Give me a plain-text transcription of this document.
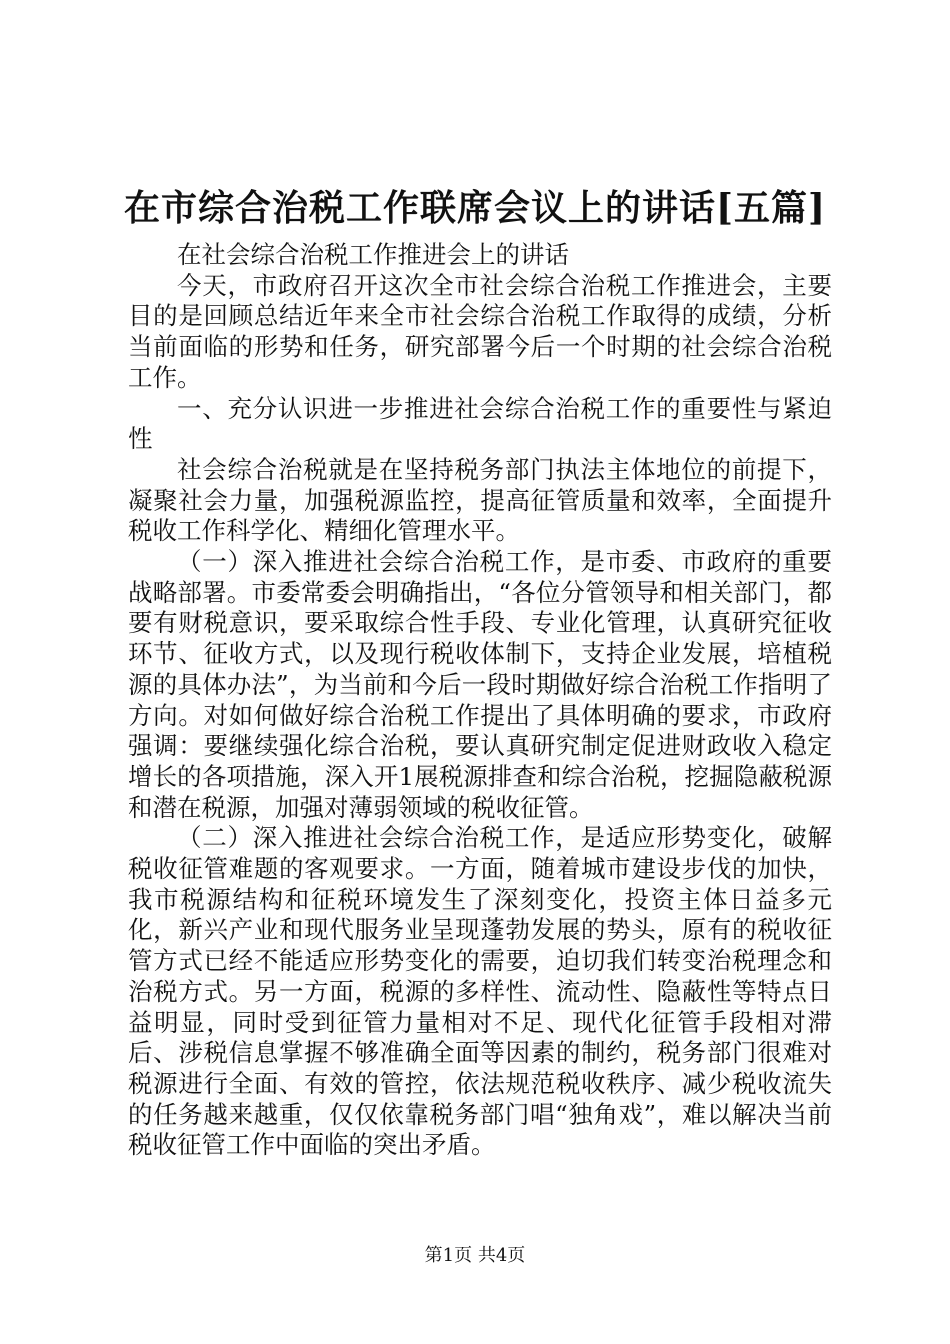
在市综合治税工作联席会议上的讲话[五篇]

在社会综合治税工作推进会上的讲话

今天，市政府召开这次全市社会综合治税工作推进会，主要目的是回顾总结近年来全市社会综合治税工作取得的成绩，分析当前面临的形势和任务，研究部署今后一个时期的社会综合治税工作。

一、充分认识进一步推进社会综合治税工作的重要性与紧迫性

社会综合治税就是在坚持税务部门执法主体地位的前提下，凝聚社会力量，加强税源监控，提高征管质量和效率，全面提升税收工作科学化、精细化管理水平。

（一）深入推进社会综合治税工作，是市委、市政府的重要战略部署。市委常委会明确指出，“各位分管领导和相关部门，都要有财税意识，要采取综合性手段、专业化管理，认真研究征收环节、征收方式，以及现行税收体制下，支持企业发展，培植税源的具体办法”，为当前和今后一段时期做好综合治税工作指明了方向。对如何做好综合治税工作提出了具体明确的要求，市政府强调：要继续强化综合治税，要认真研究制定促进财政收入稳定增长的各项措施，深入开1展税源排查和综合治税，挖掘隐蔽税源和潜在税源，加强对薄弱领域的税收征管。

（二）深入推进社会综合治税工作，是适应形势变化，破解税收征管难题的客观要求。一方面，随着城市建设步伐的加快，我市税源结构和征税环境发生了深刻变化，投资主体日益多元化，新兴产业和现代服务业呈现蓬勃发展的势头，原有的税收征管方式已经不能适应形势变化的需要，迫切我们转变治税理念和治税方式。另一方面，税源的多样性、流动性、隐蔽性等特点日益明显，同时受到征管力量相对不足、现代化征管手段相对滞后、涉税信息掌握不够准确全面等因素的制约，税务部门很难对税源进行全面、有效的管控，依法规范税收秩序、减少税收流失的任务越来越重，仅仅依靠税务部门唱“独角戏”，难以解决当前税收征管工作中面临的突出矛盾。

第1页 共4页
